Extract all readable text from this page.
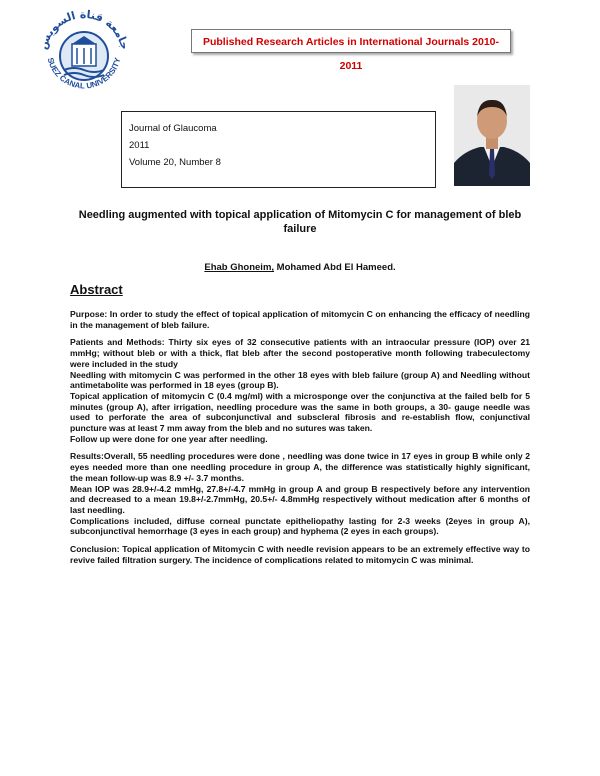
جامعة قناة السويس
SUEZ CANAL UNIVERSITY
Published Research Articles in International Journals 2010-2011
Journal of Glaucoma
2011
Volume 20, Number 8
Needling augmented with topical application of Mitomycin C for management of bleb failure
Ehab Ghoneim, Mohamed Abd El Hameed.
Abstract

Purpose: In order to study the effect of topical application of mitomycin C on enhancing the efficacy of needling in the management of bleb failure.

Patients and Methods: Thirty six eyes of 32 consecutive patients with an intraocular pressure (IOP) over 21 mmHg; without bleb or with a thick, flat bleb after the second postoperative month following trabeculectomy were included in the study

Needling with mitomycin C was performed in the other 18 eyes with bleb failure (group A) and Needling without antimetabolite was performed in 18 eyes (group B).

Topical application of mitomycin C (0.4 mg/ml) with a microsponge over the conjunctiva at the failed belb for 5 minutes (group A), after irrigation, needling procedure was the same in both groups, a 30- gauge needle was used to perforate the area of subconjunctival and subscleral fibrosis and re-establish flow, conjunctival puncture was at least 7 mm away from the bleb and no sutures was taken.

Follow up were done for one year after needling.

Results:Overall, 55 needling procedures were done , needling was done twice in 17 eyes in group B while only 2 eyes needed more than one needling procedure in group A, the difference was statistically highly significant, the mean follow-up was 8.9 +/- 3.7 months.

Mean IOP was 28.9+/-4.2 mmHg, 27.8+/-4.7 mmHg in group A and group B respectively before any intervention and decreased to a mean 19.8+/-2.7mmHg, 20.5+/- 4.8mmHg respectively without medication after 6 months of last needling.

Complications included, diffuse corneal punctate epitheliopathy lasting for 2-3 weeks (2eyes in group A), subconjunctival hemorrhage (3 eyes in each group) and hyphema (2 eyes in each groups).

Conclusion: Topical application of Mitomycin C with needle revision appears to be an extremely effective way to revive failed filtration surgery. The incidence of complications related to mitomycin C was minimal.
